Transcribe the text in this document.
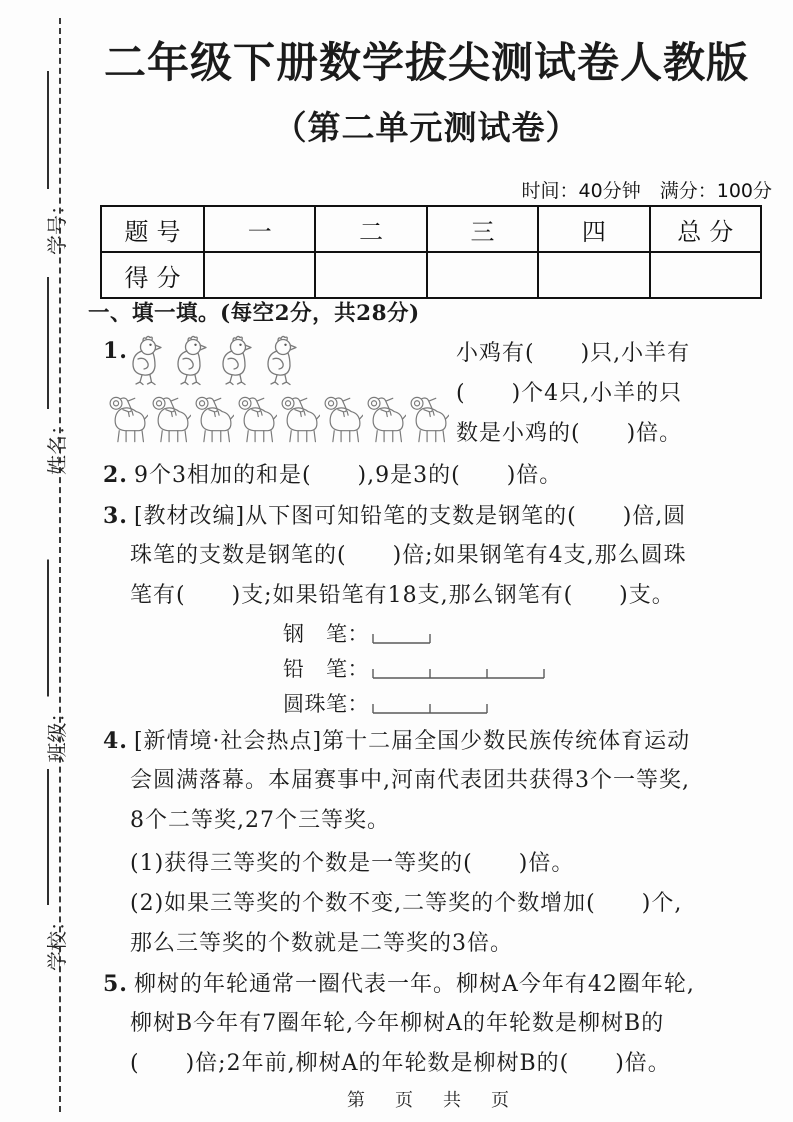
学号：
姓名：
班级：
学校：
二年级下册数学拔尖测试卷人教版
（第二单元测试卷）
时间：40分钟　满分：100分
题号	一	二	三	四	总分
得分					
一、填一填。(每空2分，共28分)
1.	小鸡有(　　)只,小羊有
(　　)个4只,小羊的只
数是小鸡的(　　)倍。
2. 9个3相加的和是(　　),9是3的(　　)倍。
3. [教材改编]从下图可知铅笔的支数是钢笔的(　　)倍,圆
珠笔的支数是钢笔的(　　)倍;如果钢笔有4支,那么圆珠
笔有(　　)支;如果铅笔有18支,那么钢笔有(　　)支。
钢　笔：
铅　笔：
圆珠笔：
4. [新情境·社会热点]第十二届全国少数民族传统体育运动
会圆满落幕。本届赛事中,河南代表团共获得3个一等奖,
8个二等奖,27个三等奖。
(1)获得三等奖的个数是一等奖的(　　)倍。
(2)如果三等奖的个数不变,二等奖的个数增加(　　)个,
那么三等奖的个数就是二等奖的3倍。
5. 柳树的年轮通常一圈代表一年。柳树A今年有42圈年轮,
柳树B今年有7圈年轮,今年柳树A的年轮数是柳树B的
(　　)倍;2年前,柳树A的年轮数是柳树B的(　　)倍。
第　页　共　页
